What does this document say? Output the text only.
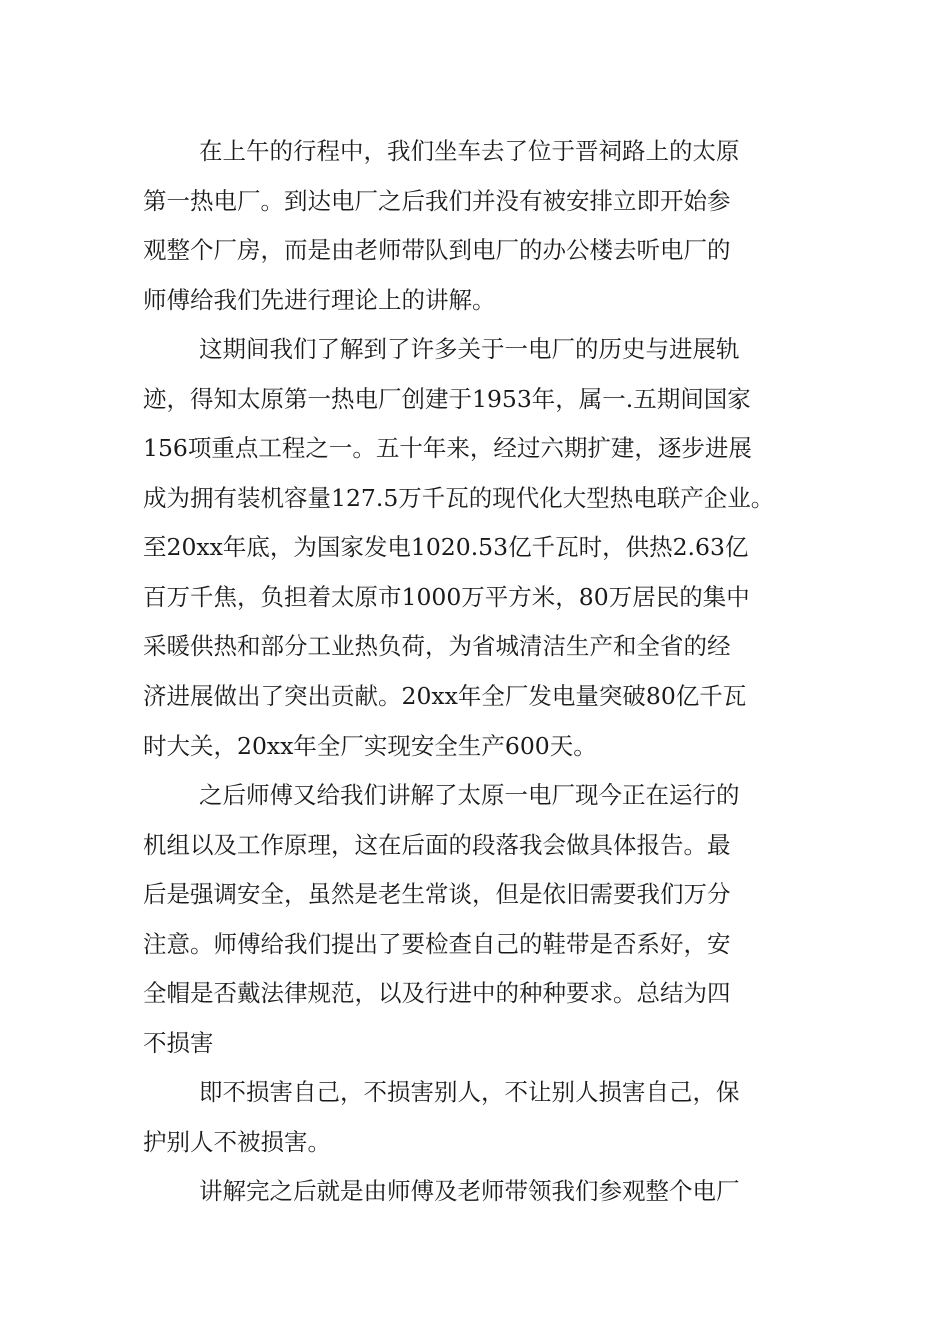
在上午的行程中，我们坐车去了位于晋祠路上的太原
第一热电厂。到达电厂之后我们并没有被安排立即开始参
观整个厂房，而是由老师带队到电厂的办公楼去听电厂的
师傅给我们先进行理论上的讲解。
这期间我们了解到了许多关于一电厂的历史与进展轨
迹，得知太原第一热电厂创建于1953年，属一.五期间国家
156项重点工程之一。五十年来，经过六期扩建，逐步进展
成为拥有装机容量127.5万千瓦的现代化大型热电联产企业。
至20xx年底，为国家发电1020.53亿千瓦时，供热2.63亿
百万千焦，负担着太原市1000万平方米，80万居民的集中
采暖供热和部分工业热负荷，为省城清洁生产和全省的经
济进展做出了突出贡献。20xx年全厂发电量突破80亿千瓦
时大关，20xx年全厂实现安全生产600天。
之后师傅又给我们讲解了太原一电厂现今正在运行的
机组以及工作原理，这在后面的段落我会做具体报告。最
后是强调安全，虽然是老生常谈，但是依旧需要我们万分
注意。师傅给我们提出了要检查自己的鞋带是否系好，安
全帽是否戴法律规范，以及行进中的种种要求。总结为四
不损害
即不损害自己，不损害别人，不让别人损害自己，保
护别人不被损害。
讲解完之后就是由师傅及老师带领我们参观整个电厂
